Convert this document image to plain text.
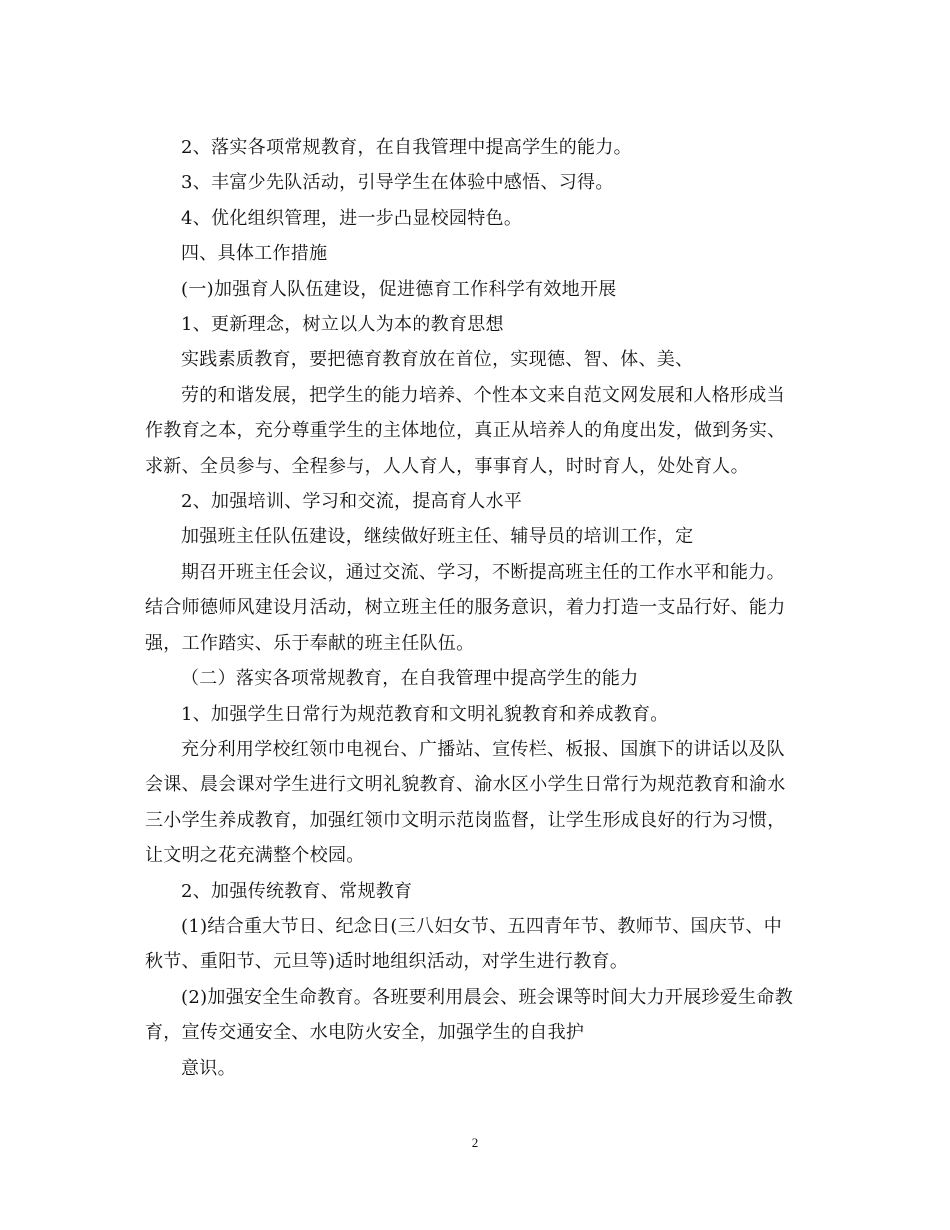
2、落实各项常规教育，在自我管理中提高学生的能力。
3、丰富少先队活动，引导学生在体验中感悟、习得。
4、优化组织管理，进一步凸显校园特色。
四、具体工作措施
(一)加强育人队伍建设，促进德育工作科学有效地开展
1、更新理念，树立以人为本的教育思想
实践素质教育，要把德育教育放在首位，实现德、智、体、美、
劳的和谐发展，把学生的能力培养、个性本文来自范文网发展和人格形成当
作教育之本，充分尊重学生的主体地位，真正从培养人的角度出发，做到务实、
求新、全员参与、全程参与，人人育人，事事育人，时时育人，处处育人。
2、加强培训、学习和交流，提高育人水平
加强班主任队伍建设，继续做好班主任、辅导员的培训工作，定
期召开班主任会议，通过交流、学习，不断提高班主任的工作水平和能力。
结合师德师风建设月活动，树立班主任的服务意识，着力打造一支品行好、能力
强，工作踏实、乐于奉献的班主任队伍。
（二）落实各项常规教育，在自我管理中提高学生的能力
1、加强学生日常行为规范教育和文明礼貌教育和养成教育。
充分利用学校红领巾电视台、广播站、宣传栏、板报、国旗下的讲话以及队
会课、晨会课对学生进行文明礼貌教育、渝水区小学生日常行为规范教育和渝水
三小学生养成教育，加强红领巾文明示范岗监督，让学生形成良好的行为习惯，
让文明之花充满整个校园。
2、加强传统教育、常规教育
(1)结合重大节日、纪念日(三八妇女节、五四青年节、教师节、国庆节、中
秋节、重阳节、元旦等)适时地组织活动，对学生进行教育。
(2)加强安全生命教育。各班要利用晨会、班会课等时间大力开展珍爱生命教
育，宣传交通安全、水电防火安全，加强学生的自我护
意识。
2
